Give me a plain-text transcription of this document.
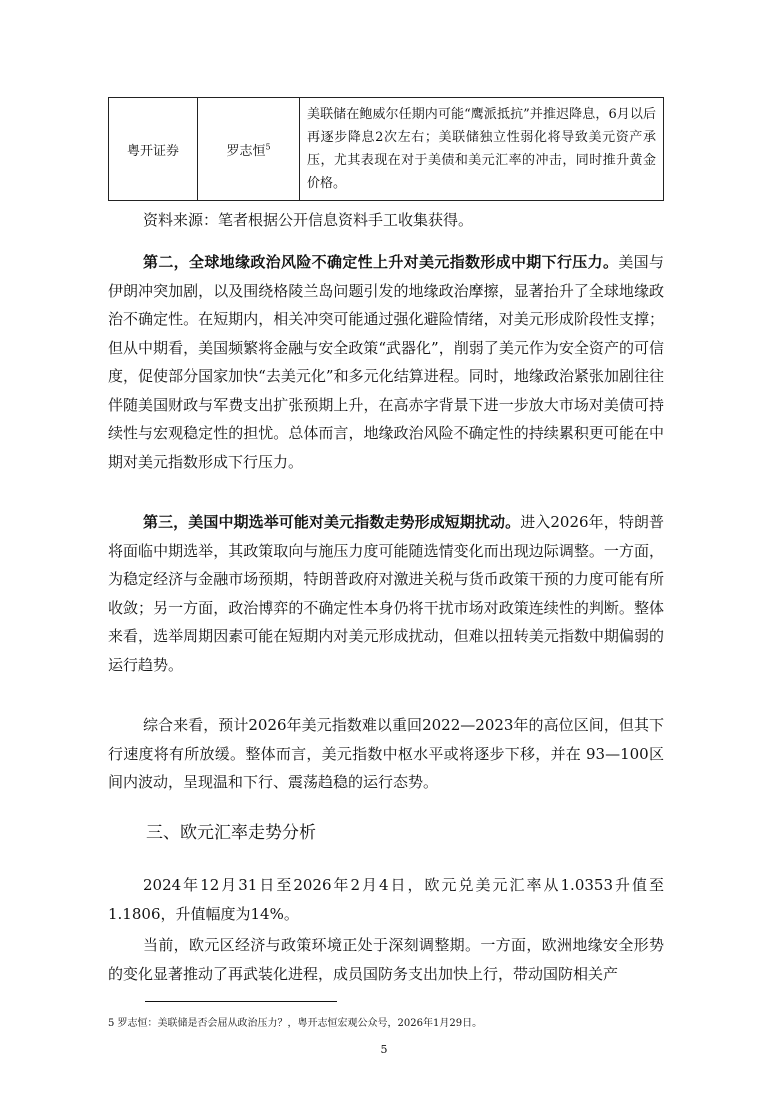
粤开证券	罗志恒$^5$	美联储在鲍威尔任期内可能“鹰派抵抗”并推迟降息，6月以后再逐步降息2次左右；美联储独立性弱化将导致美元资产承压，尤其表现在对于美债和美元汇率的冲击，同时推升黄金价格。
资料来源：笔者根据公开信息资料手工收集获得。

第二，全球地缘政治风险不确定性上升对美元指数形成中期下行压力。美国与伊朗冲突加剧，以及围绕格陵兰岛问题引发的地缘政治摩擦，显著抬升了全球地缘政治不确定性。在短期内，相关冲突可能通过强化避险情绪，对美元形成阶段性支撑；但从中期看，美国频繁将金融与安全政策“武器化”，削弱了美元作为安全资产的可信度，促使部分国家加快“去美元化”和多元化结算进程。同时，地缘政治紧张加剧往往伴随美国财政与军费支出扩张预期上升，在高赤字背景下进一步放大市场对美债可持续性与宏观稳定性的担忧。总体而言，地缘政治风险不确定性的持续累积更可能在中期对美元指数形成下行压力。

第三，美国中期选举可能对美元指数走势形成短期扰动。进入2026年，特朗普将面临中期选举，其政策取向与施压力度可能随选情变化而出现边际调整。一方面，为稳定经济与金融市场预期，特朗普政府对激进关税与货币政策干预的力度可能有所收敛；另一方面，政治博弈的不确定性本身仍将干扰市场对政策连续性的判断。整体来看，选举周期因素可能在短期内对美元形成扰动，但难以扭转美元指数中期偏弱的运行趋势。

综合来看，预计2026年美元指数难以重回2022—2023年的高位区间，但其下行速度将有所放缓。整体而言，美元指数中枢水平或将逐步下移，并在 93—100区间内波动，呈现温和下行、震荡趋稳的运行态势。

三、欧元汇率走势分析

2024年12月31日至2026年2月4日，欧元兑美元汇率从1.0353升值至1.1806，升值幅度为14%。

当前，欧元区经济与政策环境正处于深刻调整期。一方面，欧洲地缘安全形势的变化显著推动了再武装化进程，成员国防务支出加快上行，带动国防相关产

5 罗志恒：美联储是否会屈从政治压力？，粤开志恒宏观公众号，2026年1月29日。
5
